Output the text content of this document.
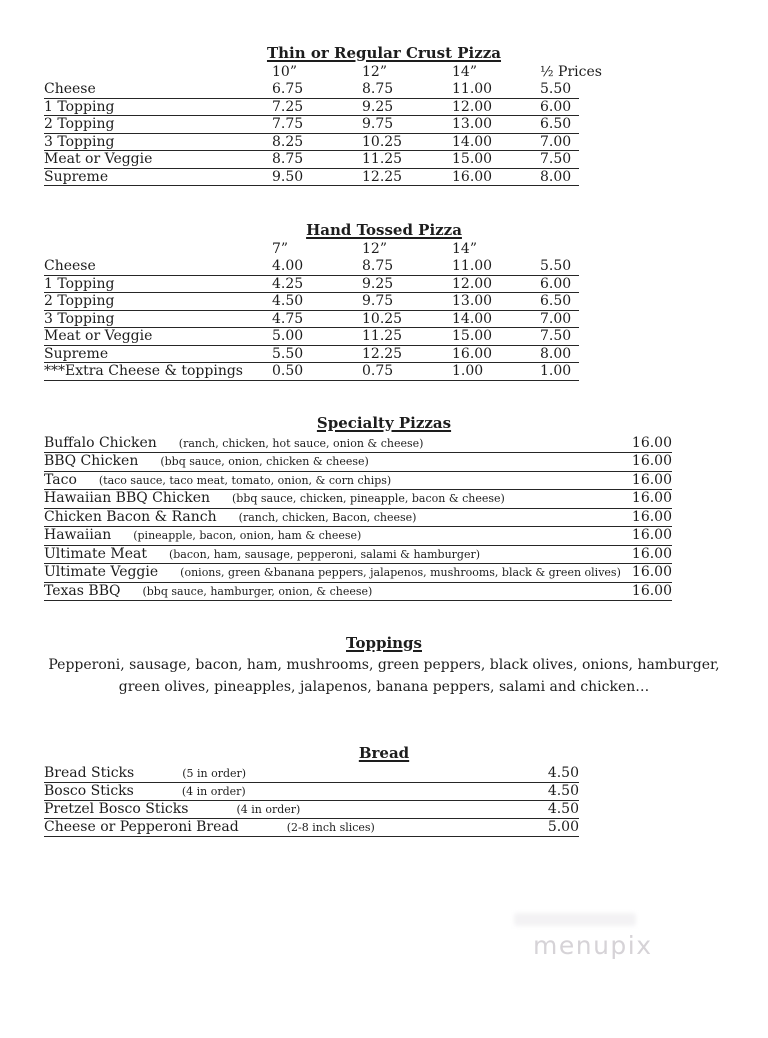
Thin or Regular Crust Pizza
	10”	12”	14”	½ Prices
Cheese	6.75	8.75	11.00	5.50
1 Topping	7.25	9.25	12.00	6.00
2 Topping	7.75	9.75	13.00	6.50
3 Topping	8.25	10.25	14.00	7.00
Meat or Veggie	8.75	11.25	15.00	7.50
Supreme	9.50	12.25	16.00	8.00
Hand Tossed Pizza
	7”	12”	14”	
Cheese	4.00	8.75	11.00	5.50
1 Topping	4.25	9.25	12.00	6.00
2 Topping	4.50	9.75	13.00	6.50
3 Topping	4.75	10.25	14.00	7.00
Meat or Veggie	5.00	11.25	15.00	7.50
Supreme	5.50	12.25	16.00	8.00
***Extra Cheese & toppings	0.50	0.75	1.00	1.00
Specialty Pizzas
Buffalo Chicken (ranch, chicken, hot sauce, onion & cheese)	16.00
BBQ Chicken (bbq sauce, onion, chicken & cheese)	16.00
Taco (taco sauce, taco meat, tomato, onion, & corn chips)	16.00
Hawaiian BBQ Chicken (bbq sauce, chicken, pineapple, bacon & cheese)	16.00
Chicken Bacon & Ranch (ranch, chicken, Bacon, cheese)	16.00
Hawaiian (pineapple, bacon, onion, ham & cheese)	16.00
Ultimate Meat (bacon, ham, sausage, pepperoni, salami & hamburger)	16.00
Ultimate Veggie (onions, green &banana peppers, jalapenos, mushrooms, black & green olives) 16.00
Texas BBQ (bbq sauce, hamburger, onion, & cheese)	16.00
Toppings

Pepperoni, sausage, bacon, ham, mushrooms, green peppers, black olives, onions, hamburger, green olives, pineapples, jalapenos, banana peppers, salami and chicken…

Bread
Bread Sticks	(5 in order)	4.50
Bosco Sticks	(4 in order)	4.50
Pretzel Bosco Sticks	(4 in order)	4.50
Cheese or Pepperoni Bread	(2-8 inch slices)	5.00
menupix
